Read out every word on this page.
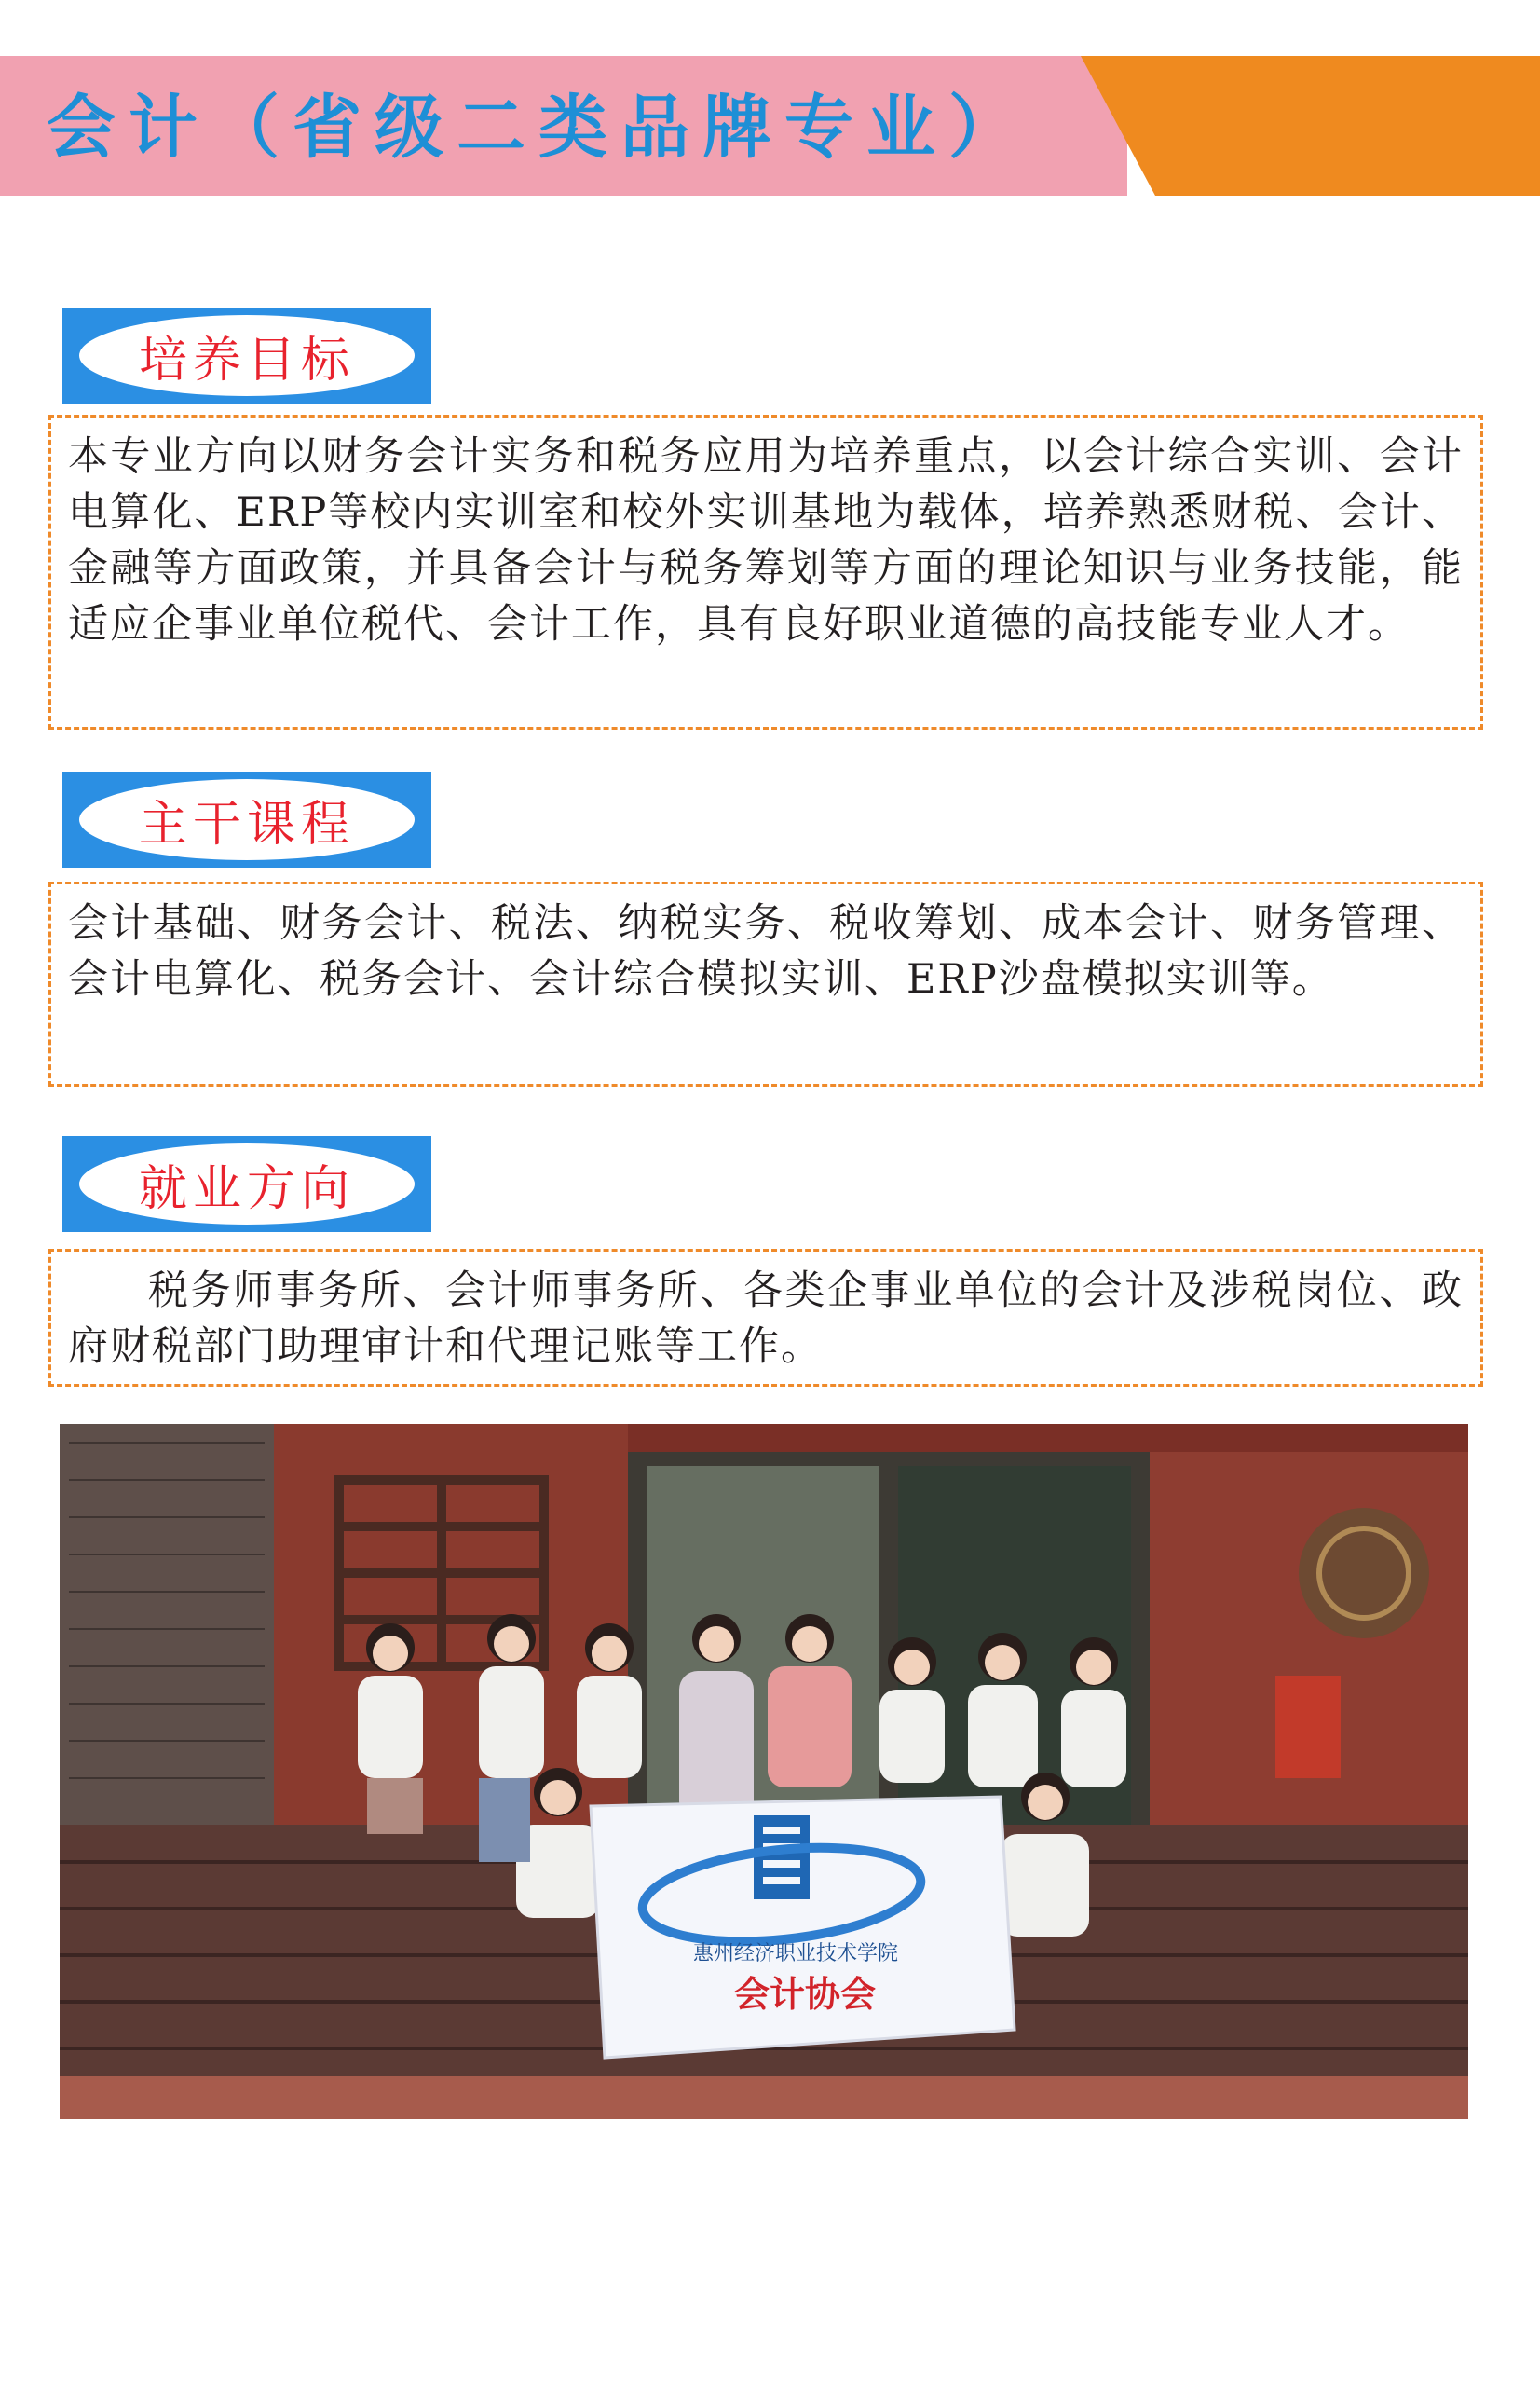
会计（省级二类品牌专业）
培养目标

本专业方向以财务会计实务和税务应用为培养重点，以会计综合实训、会计电算化、ERP等校内实训室和校外实训基地为载体，培养熟悉财税、会计、金融等方面政策，并具备会计与税务筹划等方面的理论知识与业务技能，能适应企事业单位税代、会计工作，具有良好职业道德的高技能专业人才。

主干课程

会计基础、财务会计、税法、纳税实务、税收筹划、成本会计、财务管理、会计电算化、税务会计、会计综合模拟实训、ERP沙盘模拟实训等。

就业方向

税务师事务所、会计师事务所、各类企事业单位的会计及涉税岗位、政府财税部门助理审计和代理记账等工作。

惠州经济职业技术学院
会计协会
